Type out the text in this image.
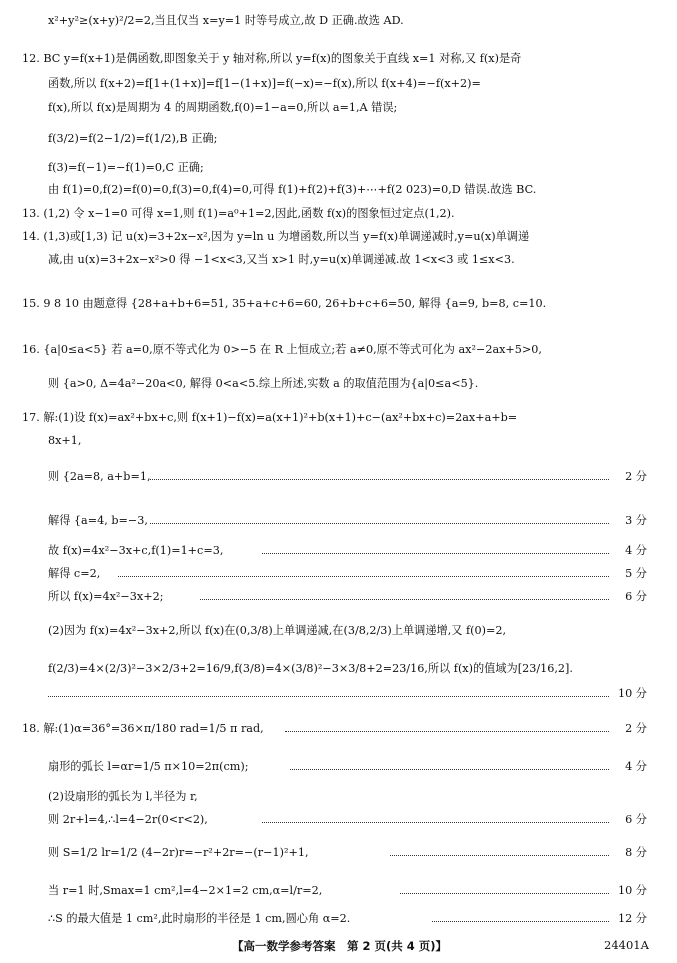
x²+y²≥(x+y)²/2=2,当且仅当 x=y=1 时等号成立,故 D 正确.故选 AD.
12. BC y=f(x+1)是偶函数,即图象关于 y 轴对称,所以 y=f(x)的图象关于直线 x=1 对称,又 f(x)是奇
函数,所以 f(x+2)=f[1+(1+x)]=f[1−(1+x)]=f(−x)=−f(x),所以 f(x+4)=−f(x+2)=
f(x),所以 f(x)是周期为 4 的周期函数,f(0)=1−a=0,所以 a=1,A 错误;
f(3/2)=f(2−1/2)=f(1/2),B 正确;
f(3)=f(−1)=−f(1)=0,C 正确;
由 f(1)=0,f(2)=f(0)=0,f(3)=0,f(4)=0,可得 f(1)+f(2)+f(3)+⋯+f(2 023)=0,D 错误.故选 BC.
13. (1,2) 令 x−1=0 可得 x=1,则 f(1)=a⁰+1=2,因此,函数 f(x)的图象恒过定点(1,2).
14. (1,3)或[1,3) 记 u(x)=3+2x−x²,因为 y=ln u 为增函数,所以当 y=f(x)单调递减时,y=u(x)单调递
减,由 u(x)=3+2x−x²>0 得 −1<x<3,又当 x>1 时,y=u(x)单调递减.故 1<x<3 或 1≤x<3.
15. 9 8 10 由题意得 {28+a+b+6=51, 35+a+c+6=60, 26+b+c+6=50, 解得 {a=9, b=8, c=10.
16. {a|0≤a<5} 若 a=0,原不等式化为 0>−5 在 R 上恒成立;若 a≠0,原不等式可化为 ax²−2ax+5>0,
则 {a>0, Δ=4a²−20a<0, 解得 0<a<5.综上所述,实数 a 的取值范围为{a|0≤a<5}.
17. 解:(1)设 f(x)=ax²+bx+c,则 f(x+1)−f(x)=a(x+1)²+b(x+1)+c−(ax²+bx+c)=2ax+a+b=
8x+1,
则 {2a=8, a+b=1,	2 分
解得 {a=4, b=−3,	3 分
故 f(x)=4x²−3x+c,f(1)=1+c=3,	4 分
解得 c=2,	5 分
所以 f(x)=4x²−3x+2;	6 分
(2)因为 f(x)=4x²−3x+2,所以 f(x)在(0,3/8)上单调递减,在(3/8,2/3)上单调递增,又 f(0)=2,
f(2/3)=4×(2/3)²−3×2/3+2=16/9,f(3/8)=4×(3/8)²−3×3/8+2=23/16,所以 f(x)的值域为[23/16,2].
10 分
18. 解:(1)α=36°=36×π/180 rad=1/5 π rad,	2 分
扇形的弧长 l=αr=1/5 π×10=2π(cm);	4 分
(2)设扇形的弧长为 l,半径为 r,
则 2r+l=4,∴l=4−2r(0<r<2),	6 分
则 S=1/2 lr=1/2 (4−2r)r=−r²+2r=−(r−1)²+1,	8 分
当 r=1 时,Smax=1 cm²,l=4−2×1=2 cm,α=l/r=2,	10 分
∴S 的最大值是 1 cm²,此时扇形的半径是 1 cm,圆心角 α=2.	12 分
【高一数学参考答案　第 2 页(共 4 页)】	24401A
